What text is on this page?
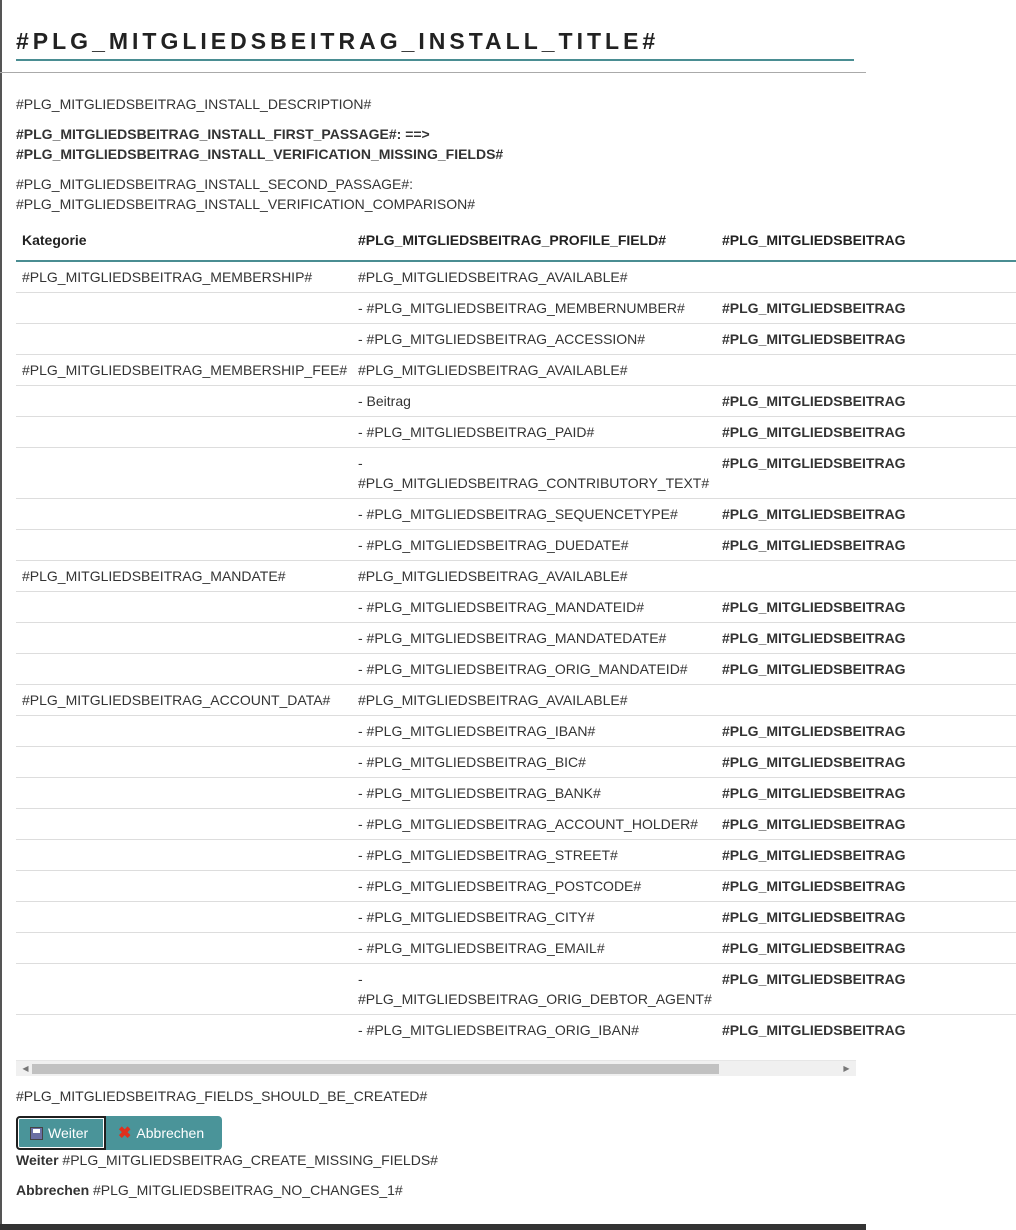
#PLG_MITGLIEDSBEITRAG_INSTALL_TITLE#
#PLG_MITGLIEDSBEITRAG_INSTALL_DESCRIPTION#
#PLG_MITGLIEDSBEITRAG_INSTALL_FIRST_PASSAGE#: ==>
#PLG_MITGLIEDSBEITRAG_INSTALL_VERIFICATION_MISSING_FIELDS#
#PLG_MITGLIEDSBEITRAG_INSTALL_SECOND_PASSAGE#:
#PLG_MITGLIEDSBEITRAG_INSTALL_VERIFICATION_COMPARISON#
Kategorie	#PLG_MITGLIEDSBEITRAG_PROFILE_FIELD#	#PLG_MITGLIEDSBEITRAG
#PLG_MITGLIEDSBEITRAG_MEMBERSHIP#	#PLG_MITGLIEDSBEITRAG_AVAILABLE#	
	- #PLG_MITGLIEDSBEITRAG_MEMBERNUMBER#	#PLG_MITGLIEDSBEITRAG
	- #PLG_MITGLIEDSBEITRAG_ACCESSION#	#PLG_MITGLIEDSBEITRAG
#PLG_MITGLIEDSBEITRAG_MEMBERSHIP_FEE#	#PLG_MITGLIEDSBEITRAG_AVAILABLE#	
	- Beitrag	#PLG_MITGLIEDSBEITRAG
	- #PLG_MITGLIEDSBEITRAG_PAID#	#PLG_MITGLIEDSBEITRAG
	- #PLG_MITGLIEDSBEITRAG_CONTRIBUTORY_TEXT#	#PLG_MITGLIEDSBEITRAG
	- #PLG_MITGLIEDSBEITRAG_SEQUENCETYPE#	#PLG_MITGLIEDSBEITRAG
	- #PLG_MITGLIEDSBEITRAG_DUEDATE#	#PLG_MITGLIEDSBEITRAG
#PLG_MITGLIEDSBEITRAG_MANDATE#	#PLG_MITGLIEDSBEITRAG_AVAILABLE#	
	- #PLG_MITGLIEDSBEITRAG_MANDATEID#	#PLG_MITGLIEDSBEITRAG
	- #PLG_MITGLIEDSBEITRAG_MANDATEDATE#	#PLG_MITGLIEDSBEITRAG
	- #PLG_MITGLIEDSBEITRAG_ORIG_MANDATEID#	#PLG_MITGLIEDSBEITRAG
#PLG_MITGLIEDSBEITRAG_ACCOUNT_DATA#	#PLG_MITGLIEDSBEITRAG_AVAILABLE#	
	- #PLG_MITGLIEDSBEITRAG_IBAN#	#PLG_MITGLIEDSBEITRAG
	- #PLG_MITGLIEDSBEITRAG_BIC#	#PLG_MITGLIEDSBEITRAG
	- #PLG_MITGLIEDSBEITRAG_BANK#	#PLG_MITGLIEDSBEITRAG
	- #PLG_MITGLIEDSBEITRAG_ACCOUNT_HOLDER#	#PLG_MITGLIEDSBEITRAG
	- #PLG_MITGLIEDSBEITRAG_STREET#	#PLG_MITGLIEDSBEITRAG
	- #PLG_MITGLIEDSBEITRAG_POSTCODE#	#PLG_MITGLIEDSBEITRAG
	- #PLG_MITGLIEDSBEITRAG_CITY#	#PLG_MITGLIEDSBEITRAG
	- #PLG_MITGLIEDSBEITRAG_EMAIL#	#PLG_MITGLIEDSBEITRAG
	- #PLG_MITGLIEDSBEITRAG_ORIG_DEBTOR_AGENT#	#PLG_MITGLIEDSBEITRAG
	- #PLG_MITGLIEDSBEITRAG_ORIG_IBAN#	#PLG_MITGLIEDSBEITRAG
◀	▶
#PLG_MITGLIEDSBEITRAG_FIELDS_SHOULD_BE_CREATED#
Weiter ✖ Abbrechen
Weiter #PLG_MITGLIEDSBEITRAG_CREATE_MISSING_FIELDS#
Abbrechen #PLG_MITGLIEDSBEITRAG_NO_CHANGES_1#
